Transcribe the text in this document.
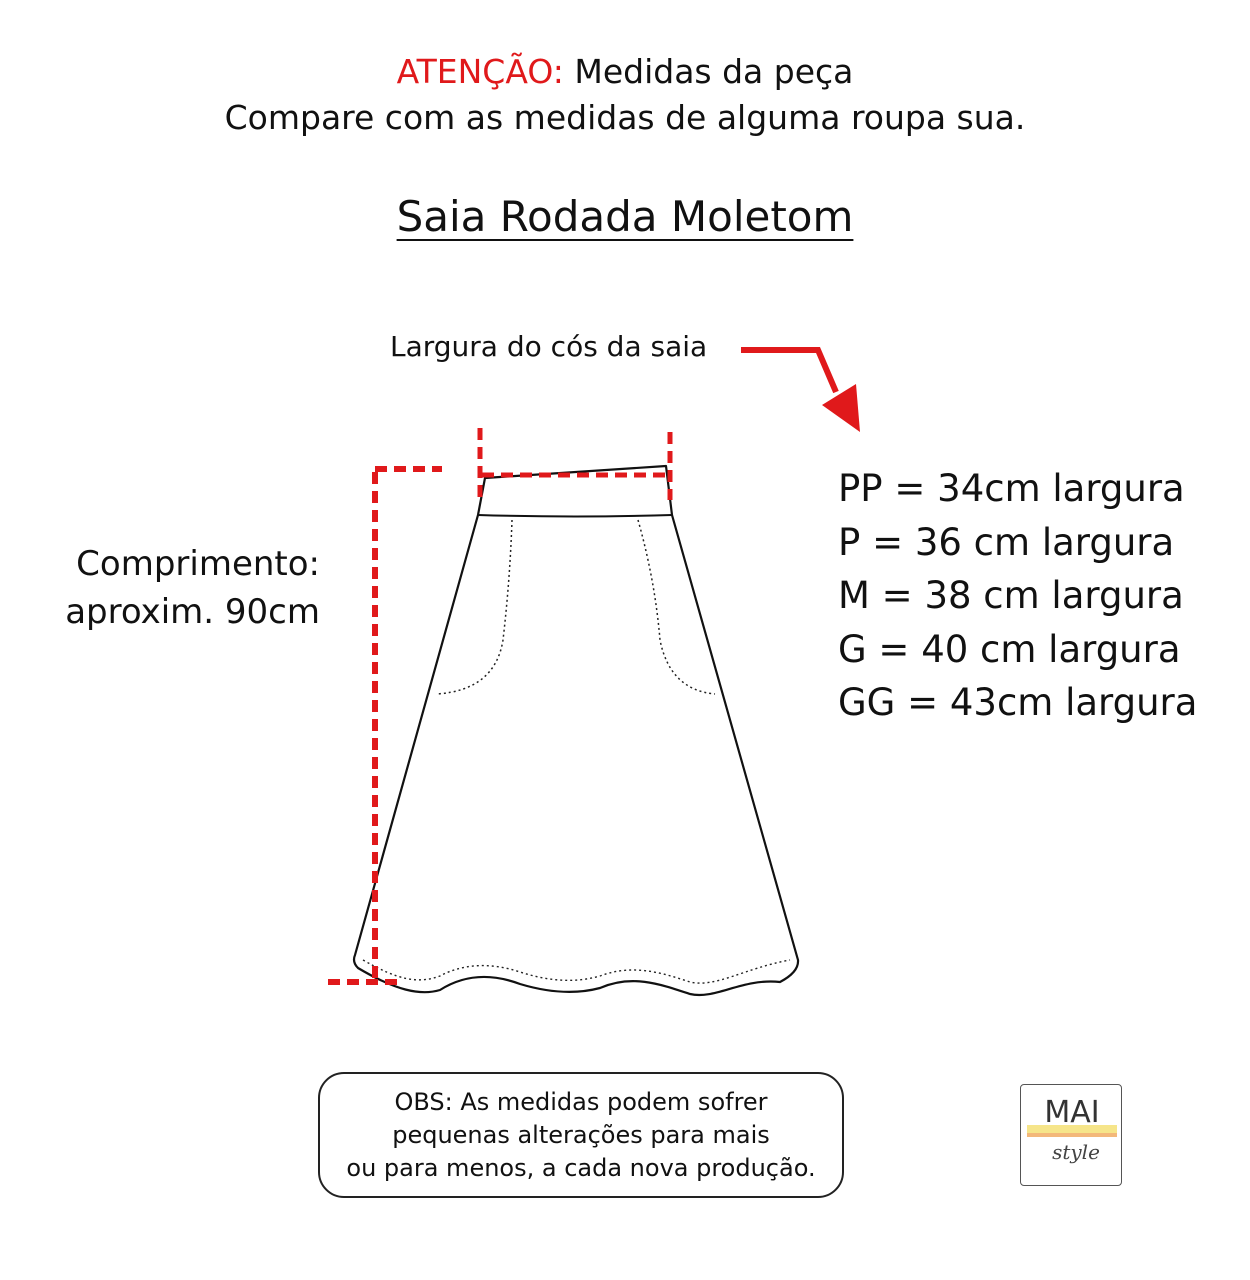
ATENÇÃO: Medidas da peça
Compare com as medidas de alguma roupa sua.
Saia Rodada Moletom
Largura do cós da saia
Comprimento:
aproxim. 90cm
PP = 34cm largura
P = 36 cm largura
M = 38 cm largura
G = 40 cm largura
GG = 43cm largura
OBS: As medidas podem sofrer
pequenas alterações para mais
ou para menos, a cada nova produção.
MAI
style
